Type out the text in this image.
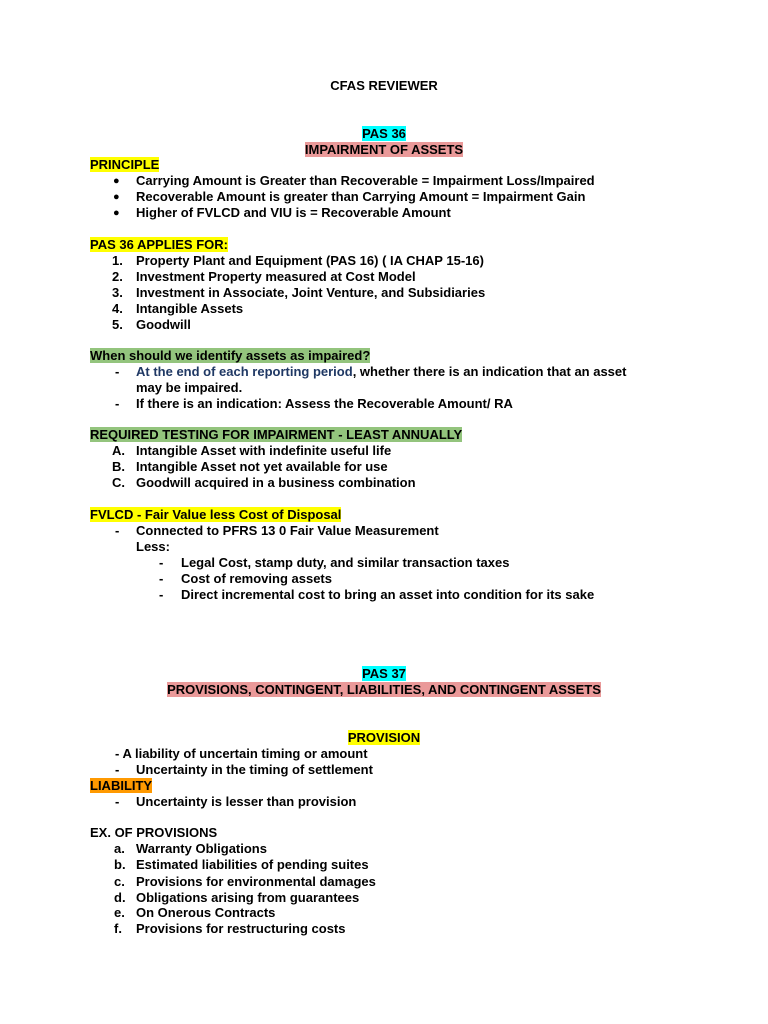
CFAS REVIEWER
PAS 36
IMPAIRMENT OF ASSETS
PRINCIPLE
● Carrying Amount is Greater than Recoverable = Impairment Loss/Impaired
● Recoverable Amount is greater than Carrying Amount = Impairment Gain
● Higher of FVLCD and VIU is = Recoverable Amount
PAS 36 APPLIES FOR:
1. Property Plant and Equipment (PAS 16) ( IA CHAP 15-16)
2. Investment Property measured at Cost Model
3. Investment in Associate, Joint Venture, and Subsidiaries
4. Intangible Assets
5. Goodwill
When should we identify assets as impaired?
- At the end of each reporting period, whether there is an indication that an asset
may be impaired.
- If there is an indication: Assess the Recoverable Amount/ RA
REQUIRED TESTING FOR IMPAIRMENT - LEAST ANNUALLY
A. Intangible Asset with indefinite useful life
B. Intangible Asset not yet available for use
C. Goodwill acquired in a business combination
FVLCD - Fair Value less Cost of Disposal
- Connected to PFRS 13 0 Fair Value Measurement
Less:
- Legal Cost, stamp duty, and similar transaction taxes
- Cost of removing assets
- Direct incremental cost to bring an asset into condition for its sake
PAS 37
PROVISIONS, CONTINGENT, LIABILITIES, AND CONTINGENT ASSETS
PROVISION
- A liability of uncertain timing or amount
- Uncertainty in the timing of settlement
LIABILITY
- Uncertainty is lesser than provision
EX. OF PROVISIONS
a. Warranty Obligations
b. Estimated liabilities of pending suites
c. Provisions for environmental damages
d. Obligations arising from guarantees
e. On Onerous Contracts
f. Provisions for restructuring costs
